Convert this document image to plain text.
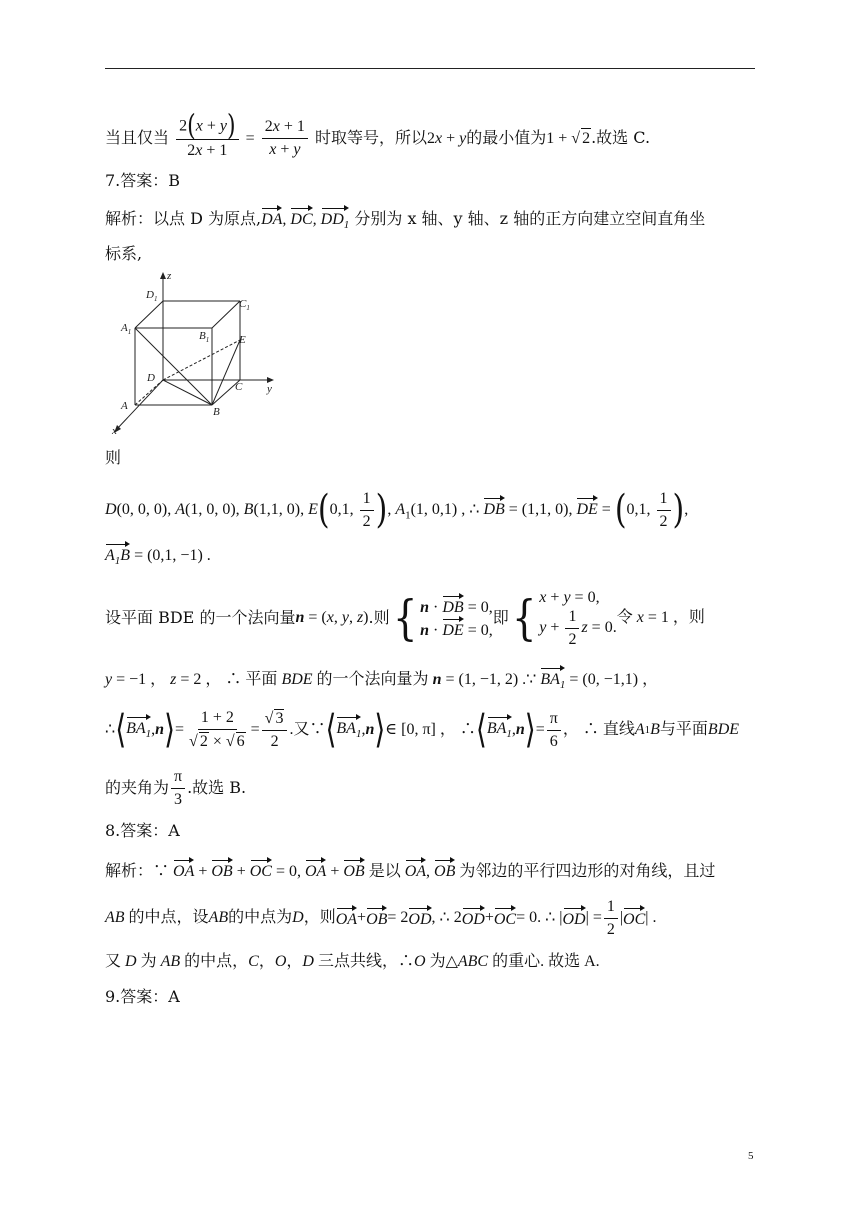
当且仅当 $\frac{2(x + y)}{2x + 1} = \frac{2x + 1}{x + y}$ 时取等号，所以2x + y的最小值为1 + √ 2.故选 C.
7.答案：B
解析：以点 D 为原点,DA, DC, $DD_1$ 分别为 x 轴、y 轴、z 轴的正方向建立空间直角坐
标系,
z
y
x
$D_1$	$C_1$
$A_1$	$B_1$	E
D
C
A	B
则
D(0, 0, 0), A(1, 0, 0), B(1,1, 0), E(0,1, $\frac{1}{2}$ ), $A_1(1$, 0,1) , ∴ DB = (1,1, 0), DE = (0,1, $\frac{1}{2}$ ),
$A_1B = (0,1$, −1) .
设平面 BDE 的一个法向量 n = (x, y, z) .则 { n · DB = 0,
n · DE = 0,
即 { x + y = 0,
$y + \frac{1}{2}$ z = 0.
令 x = 1 ，则
y = −1 ， z = 2 ， ∴ 平面 BDE 的一个法向量为 n = (1, −1, 2) .∵ $BA_1 = (0$, −1,1) ，
∴ ⟨ $BA_1$ , n ⟩ = $\frac{1 + 2}{√ 2 \times √ 6} = \frac{√ 3}{2}$ .又∵ ⟨ $BA_1$ , n ⟩ ∈ [0, π] ， ∴ ⟨ $BA_1$ , n ⟩ = $\frac{\pi}{6}$ ， ∴ 直线 A 1 B 与平面 BDE
的夹角为 $\frac{\pi}{3}$ .故选 B.
8.答案：A
解析：∵ OA + OB + OC = 0, OA + OB 是以 OA, OB 为邻边的平行四边形的对角线，且过
AB 的中点，设 AB 的中点为 D ，则 OA + OB = 2 OD , ∴ 2 OD + OC = 0. ∴ | OD | = $\frac{1}{2}$ | OC | .
又 D 为 AB 的中点，C，O，D 三点共线，∴O 为△ABC 的重心. 故选 A.
9.答案：A
5
